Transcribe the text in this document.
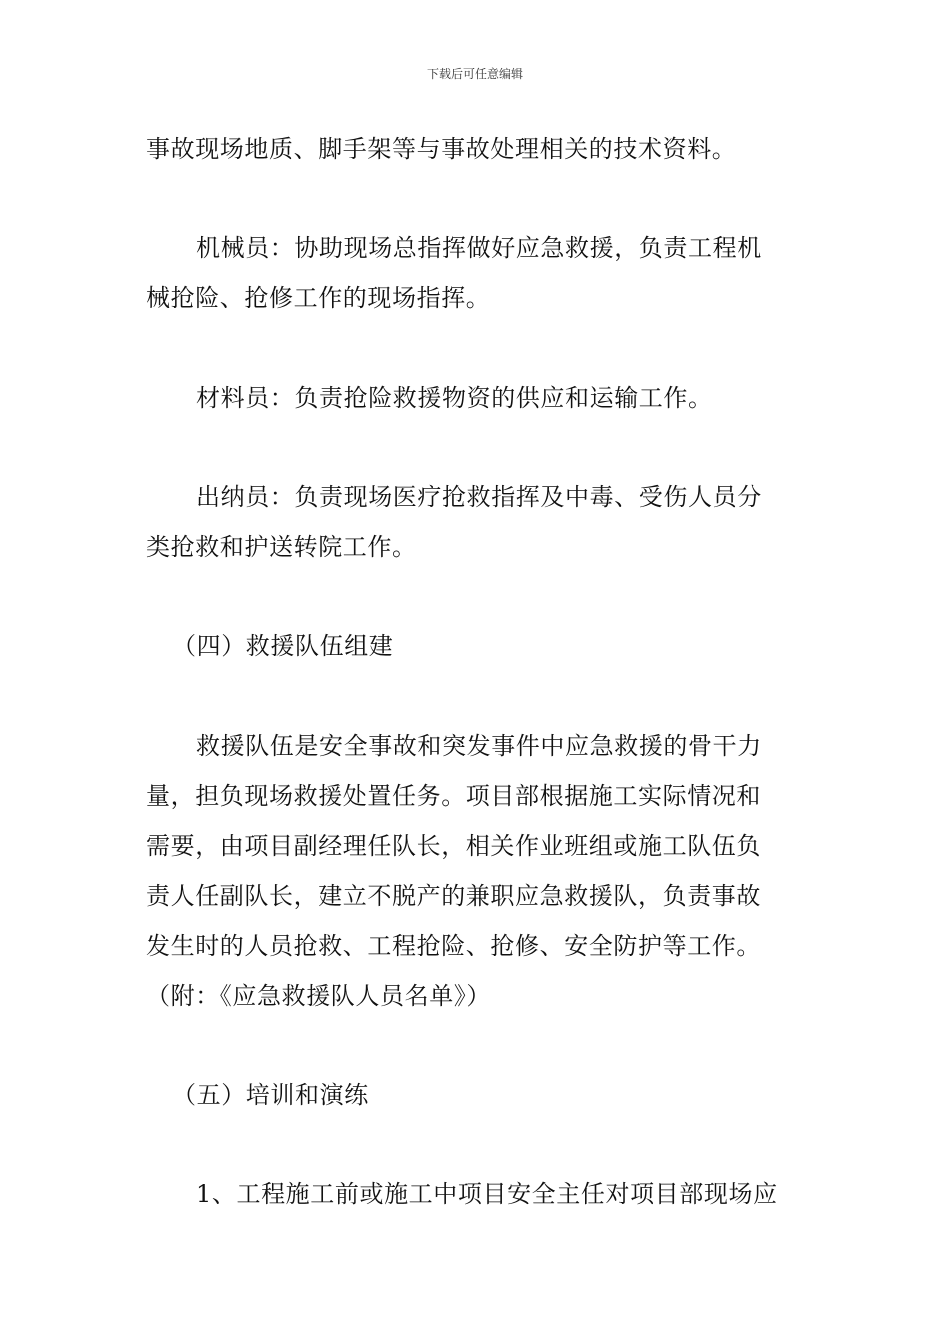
下载后可任意编辑

事故现场地质、脚手架等与事故处理相关的技术资料。

机械员：协助现场总指挥做好应急救援，负责工程机
械抢险、抢修工作的现场指挥。

材料员：负责抢险救援物资的供应和运输工作。

出纳员：负责现场医疗抢救指挥及中毒、受伤人员分
类抢救和护送转院工作。

（四）救援队伍组建

救援队伍是安全事故和突发事件中应急救援的骨干力
量，担负现场救援处置任务。项目部根据施工实际情况和
需要，由项目副经理任队长，相关作业班组或施工队伍负
责人任副队长，建立不脱产的兼职应急救援队，负责事故
发生时的人员抢救、工程抢险、抢修、安全防护等工作。
（附：《应急救援队人员名单》）

（五）培训和演练

1、工程施工前或施工中项目安全主任对项目部现场应
